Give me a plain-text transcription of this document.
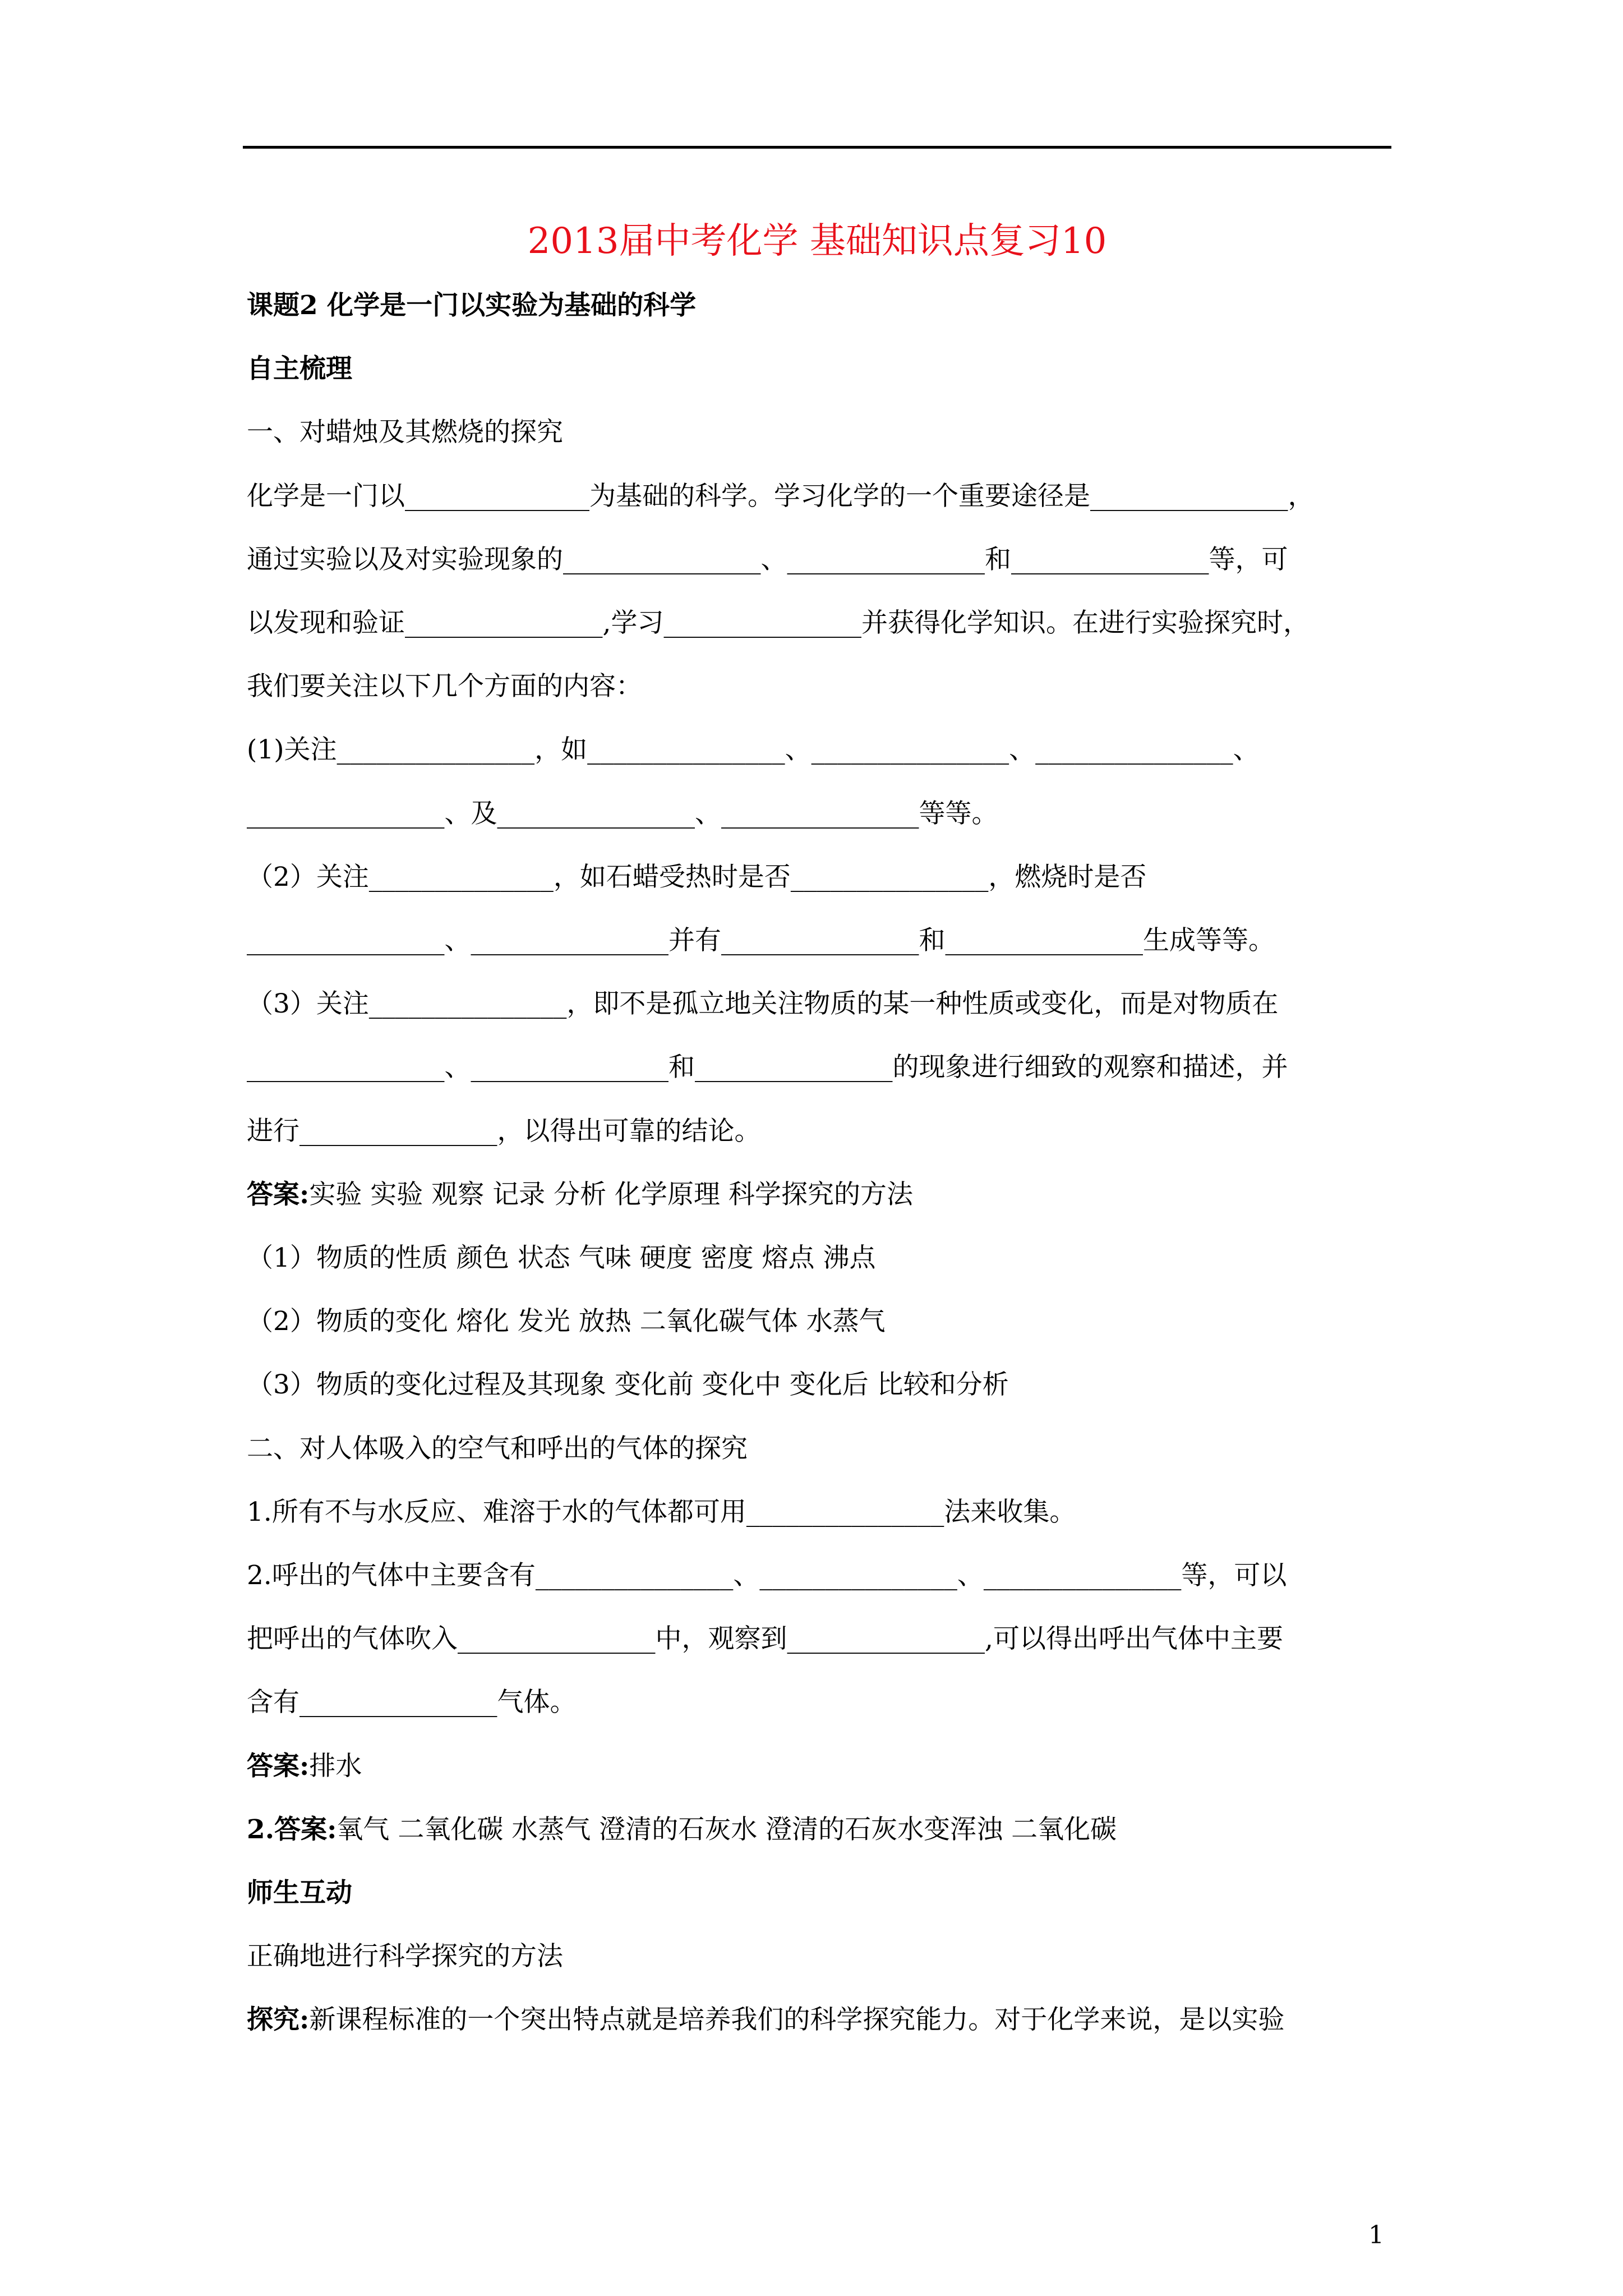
2013届中考化学 基础知识点复习10
课题2 化学是一门以实验为基础的科学
自主梳理
一、对蜡烛及其燃烧的探究
化学是一门以______________为基础的科学。学习化学的一个重要途径是_______________，
通过实验以及对实验现象的_______________、_______________和_______________等，可
以发现和验证_______________,学习_______________并获得化学知识。在进行实验探究时，
我们要关注以下几个方面的内容：
(1)关注_______________，如_______________、_______________、_______________、
_______________、及_______________、_______________等等。
（2）关注______________，如石蜡受热时是否_______________，燃烧时是否
_______________、_______________并有_______________和_______________生成等等。
（3）关注_______________，即不是孤立地关注物质的某一种性质或变化，而是对物质在
_______________、_______________和_______________的现象进行细致的观察和描述，并
进行_______________，以得出可靠的结论。
答案:实验 实验 观察 记录 分析 化学原理 科学探究的方法
（1）物质的性质 颜色 状态 气味 硬度 密度 熔点 沸点
（2）物质的变化 熔化 发光 放热 二氧化碳气体 水蒸气
（3）物质的变化过程及其现象 变化前 变化中 变化后 比较和分析
二、对人体吸入的空气和呼出的气体的探究
1.所有不与水反应、难溶于水的气体都可用_______________法来收集。
2.呼出的气体中主要含有_______________、_______________、_______________等，可以
把呼出的气体吹入_______________中，观察到_______________,可以得出呼出气体中主要
含有_______________气体。
答案:排水
2.答案:氧气 二氧化碳 水蒸气 澄清的石灰水 澄清的石灰水变浑浊 二氧化碳
师生互动
正确地进行科学探究的方法
探究:新课程标准的一个突出特点就是培养我们的科学探究能力。对于化学来说，是以实验
1
